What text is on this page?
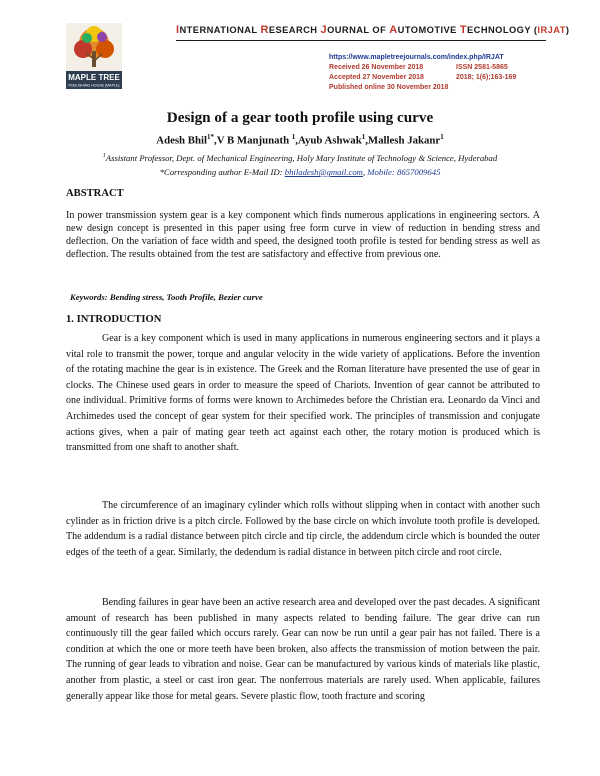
MAPLE TREE
PUBLISHING HOUSE (MAPLE)
INTERNATIONAL RESEARCH JOURNAL OF AUTOMOTIVE TECHNOLOGY (IRJAT)
https://www.mapletreejournals.com/index.php/IRJAT
Received 26 November 2018	ISSN 2581-5865
Accepted 27 November 2018	2018; 1(6);163-169
Published online 30 November 2018
Design of a gear tooth profile using curve
Adesh Bhil$^{1*}$,V B Manjunath $^1$,Ayub Ashwak$^1$,Mallesh Jakanr$^1$
$^1$Assistant Professor, Dept. of Mechanical Engineering, Holy Mary Institute of Technology & Science, Hyderabad
*Corresponding author E-Mail ID: bhiladesh@gmail.com, Mobile: 8657009645
ABSTRACT
In power transmission system gear is a key component which finds numerous applications in engineering sectors. A new design concept is presented in this paper using free form curve in view of reduction in bending stress and deflection. On the variation of face width and speed, the designed tooth profile is tested for bending stress as well as deflection. The results obtained from the test are satisfactory and effective from previous one.
Keywords: Bending stress, Tooth Profile, Bezier curve
1. INTRODUCTION
Gear is a key component which is used in many applications in numerous engineering sectors and it plays a vital role to transmit the power, torque and angular velocity in the wide variety of applications. Before the invention of the rotating machine the gear is in existence. The Greek and the Roman literature have presented the use of gear in clocks. The Chinese used gears in order to measure the speed of Chariots. Invention of gear cannot be attributed to one individual. Primitive forms of forms were known to Archimedes before the Christian era. Leonardo da Vinci and Archimedes used the concept of gear system for their specified work. The principles of transmission and conjugate actions gives, when a pair of mating gear teeth act against each other, the rotary motion is produced which is transmitted from one shaft to another shaft.
The circumference of an imaginary cylinder which rolls without slipping when in contact with another such cylinder as in friction drive is a pitch circle. Followed by the base circle on which involute tooth profile is developed. The addendum is a radial distance between pitch circle and tip circle, the addendum circle which is bounded the outer edges of the teeth of a gear. Similarly, the dedendum is radial distance in between pitch circle and root circle.
Bending failures in gear have been an active research area and developed over the past decades. A significant amount of research has been published in many aspects related to bending failure. The gear drive can run continuously till the gear failed which occurs rarely. Gear can now be run until a gear pair has not failed. There is a condition at which the one or more teeth have been broken, also affects the transmission of motion between the pair. The running of gear leads to vibration and noise. Gear can be manufactured by various kinds of materials like plastic, another from plastic, a steel or cast iron gear. The nonferrous materials are rarely used. When applicable, failures generally appear like those for metal gears. Severe plastic flow, tooth fracture and scoring
